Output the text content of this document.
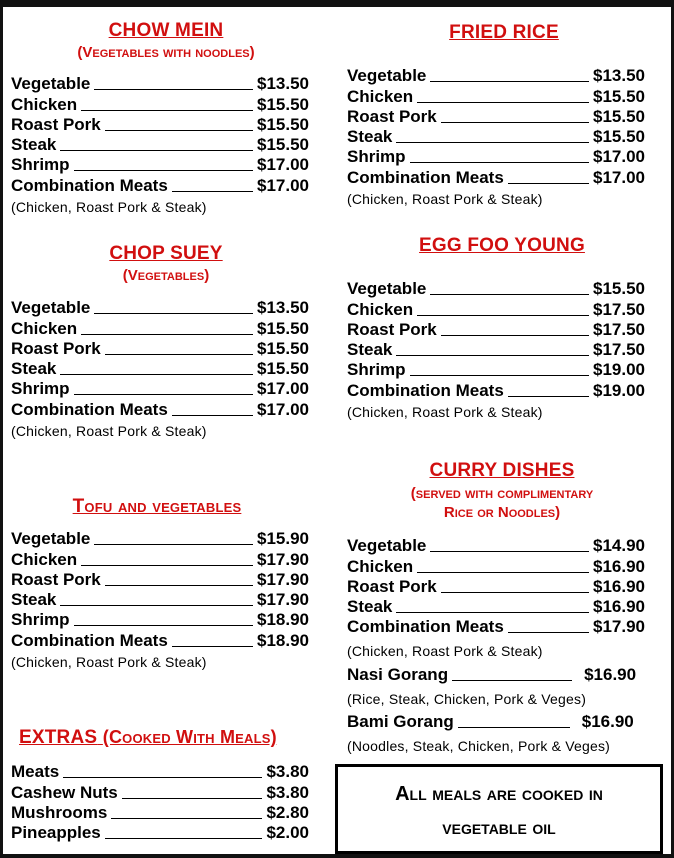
CHOW MEIN
(Vegetables with noodles)
Vegetable	$13.50
Chicken	$15.50
Roast Pork	$15.50
Steak	$15.50
Shrimp	$17.00
Combination Meats	$17.00
(Chicken, Roast Pork & Steak)
FRIED RICE
Vegetable	$13.50
Chicken	$15.50
Roast Pork	$15.50
Steak	$15.50
Shrimp	$17.00
Combination Meats	$17.00
(Chicken, Roast Pork & Steak)
CHOP SUEY
(Vegetables)
Vegetable	$13.50
Chicken	$15.50
Roast Pork	$15.50
Steak	$15.50
Shrimp	$17.00
Combination Meats	$17.00
(Chicken, Roast Pork & Steak)
EGG FOO YOUNG
Vegetable	$15.50
Chicken	$17.50
Roast Pork	$17.50
Steak	$17.50
Shrimp	$19.00
Combination Meats	$19.00
(Chicken, Roast Pork & Steak)
Tofu and vegetables
Vegetable	$15.90
Chicken	$17.90
Roast Pork	$17.90
Steak	$17.90
Shrimp	$18.90
Combination Meats	$18.90
(Chicken, Roast Pork & Steak)
CURRY DISHES
(served with complimentary
Rice or Noodles)
Vegetable	$14.90
Chicken	$16.90
Roast Pork	$16.90
Steak	$16.90
Combination Meats	$17.90
(Chicken, Roast Pork & Steak)
Nasi Gorang	$16.90
(Rice, Steak, Chicken, Pork & Veges)
Bami Gorang	$16.90
(Noodles, Steak, Chicken, Pork & Veges)
EXTRAS (Cooked With Meals)
Meats	$3.80
Cashew Nuts	$3.80
Mushrooms	$2.80
Pineapples	$2.00
All meals are cooked in
vegetable oil
